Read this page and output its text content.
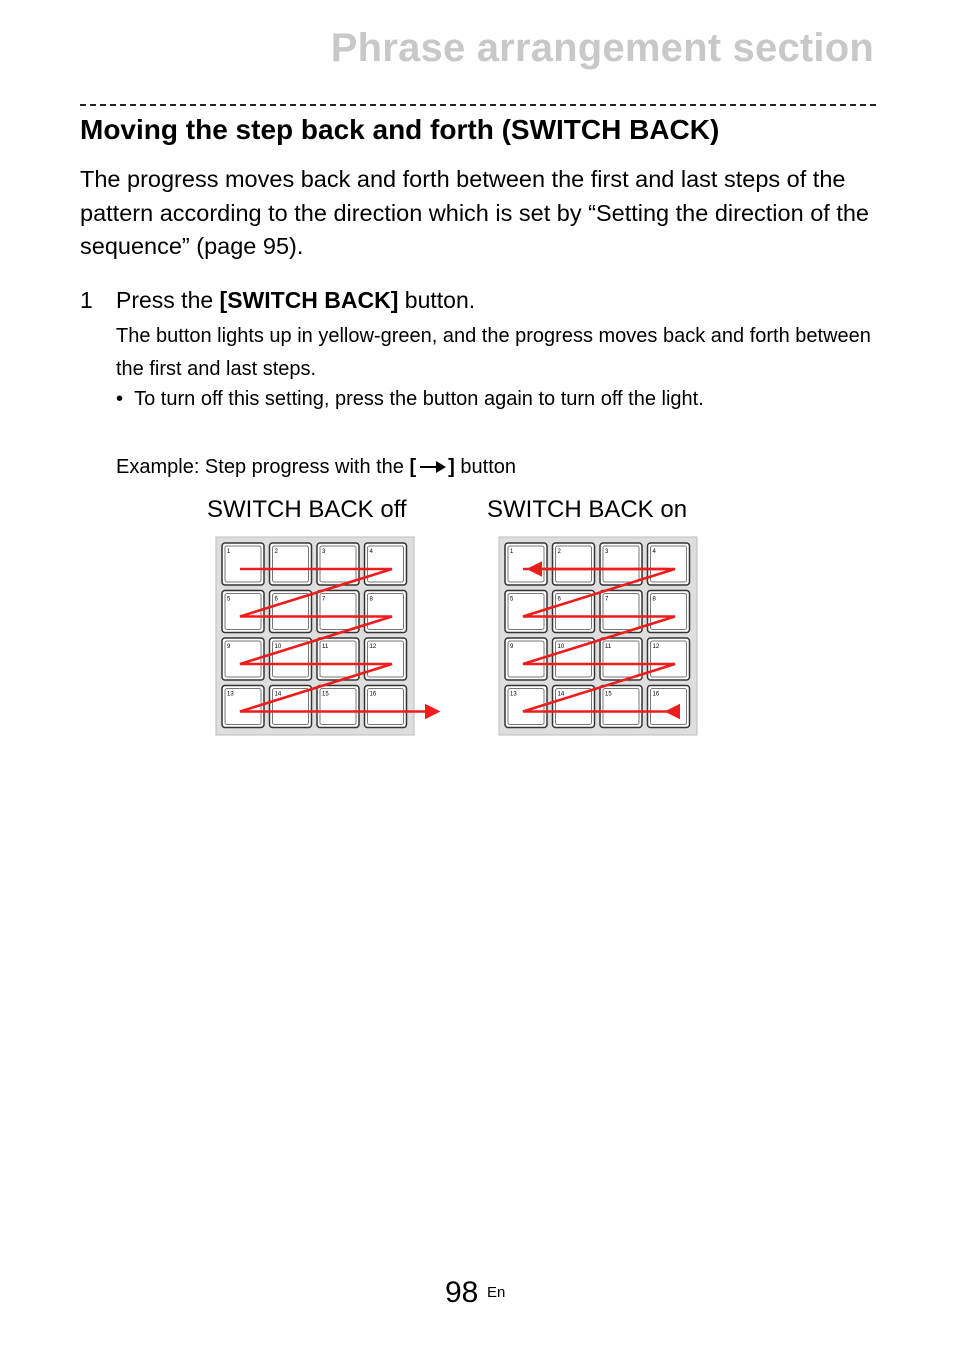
Phrase arrangement section
Moving the step back and forth (SWITCH BACK)

The progress moves back and forth between the first and last steps of the pattern according to the direction which is set by “Setting the direction of the sequence” (page 95).

1 Press the [SWITCH BACK] button.

The button lights up in yellow-green, and the progress moves back and forth between the first and last steps.

•  To turn off this setting, press the button again to turn off the light.
Example: Step progress with the [ ] button
SWITCH BACK off	SWITCH BACK on
1	2	3	4
5	6	7	8
9	10	11	12
13	14	15	16
1	2	3	4
5	6	7	8
9	10	11	12
13	14	15	16
98 En
